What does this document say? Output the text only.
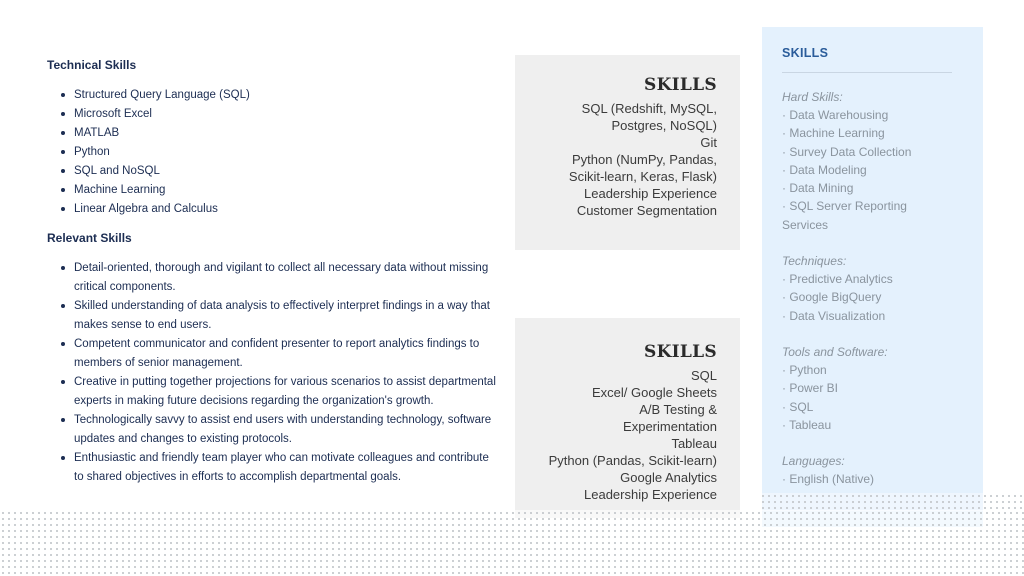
Technical Skills
Structured Query Language (SQL)
Microsoft Excel
MATLAB
Python
SQL and NoSQL
Machine Learning
Linear Algebra and Calculus
Relevant Skills
Detail-oriented, thorough and vigilant to collect all necessary data without missing critical components.
Skilled understanding of data analysis to effectively interpret findings in a way that makes sense to end users.
Competent communicator and confident presenter to report analytics findings to members of senior management.
Creative in putting together projections for various scenarios to assist departmental experts in making future decisions regarding the organization's growth.
Technologically savvy to assist end users with understanding technology, software updates and changes to existing protocols.
Enthusiastic and friendly team player who can motivate colleagues and contribute to shared objectives in efforts to accomplish departmental goals.
SKILLS
SQL (Redshift, MySQL,
Postgres, NoSQL)
Git
Python (NumPy, Pandas,
Scikit-learn, Keras, Flask)
Leadership Experience
Customer Segmentation
SKILLS
SQL
Excel/ Google Sheets
A/B Testing &
Experimentation
Tableau
Python (Pandas, Scikit-learn)
Google Analytics
Leadership Experience
SKILLS
Hard Skills:
· Data Warehousing
· Machine Learning
· Survey Data Collection
· Data Modeling
· Data Mining
· SQL Server Reporting
Services
Techniques:
· Predictive Analytics
· Google BigQuery
· Data Visualization
Tools and Software:
· Python
· Power BI
· SQL
· Tableau
Languages:
· English (Native)
